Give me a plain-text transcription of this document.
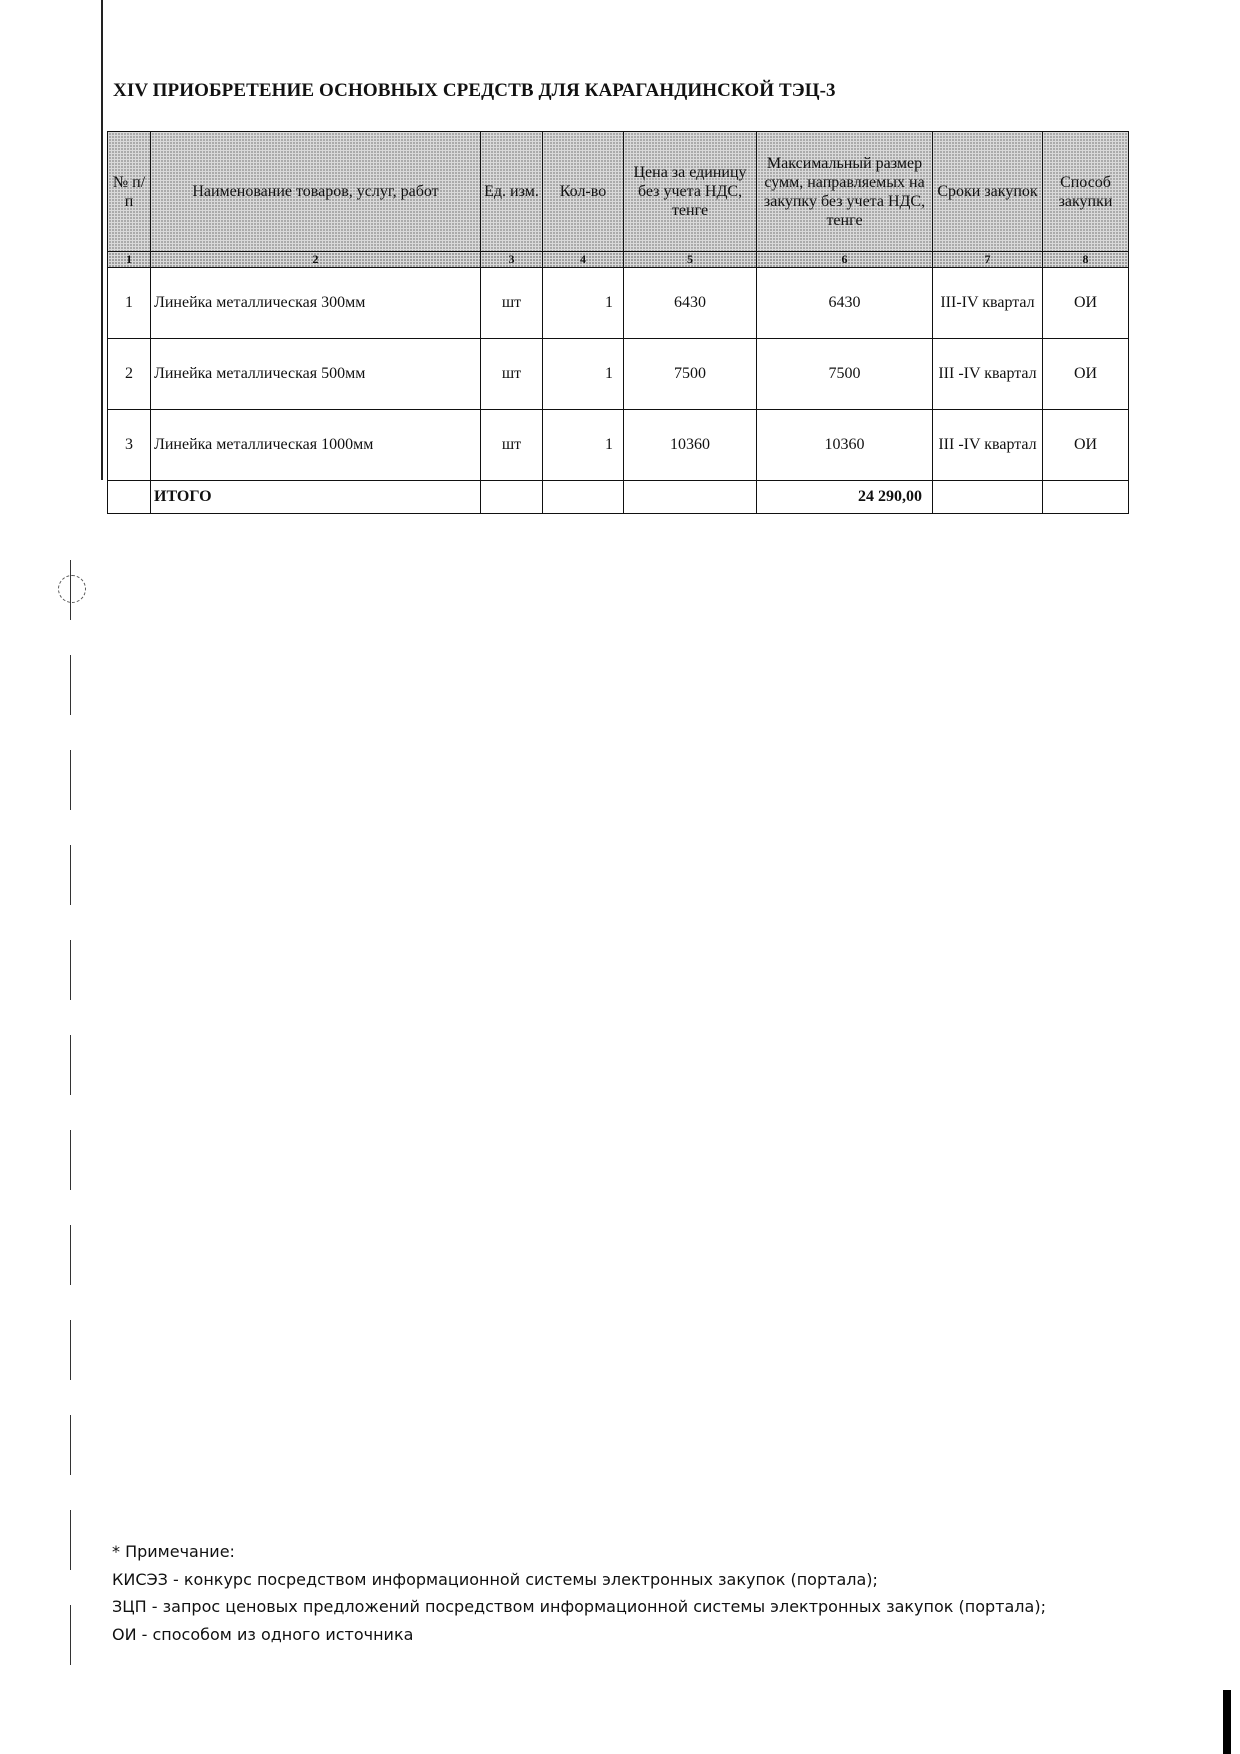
XIV ПРИОБРЕТЕНИЕ ОСНОВНЫХ СРЕДСТВ ДЛЯ КАРАГАНДИНСКОЙ ТЭЦ-3
№ п/п	Наименование товаров, услуг, работ	Ед. изм.	Кол-во	Цена за единицу без учета НДС, тенге	Максимальный размер сумм, направляемых на закупку без учета НДС, тенге	Сроки закупок	Способ закупки
1	2	3	4	5	6	7	8
1	Линейка металлическая 300мм	шт	1	6430	6430	III-IV квартал	ОИ
2	Линейка металлическая 500мм	шт	1	7500	7500	III -IV квартал	ОИ
3	Линейка металлическая 1000мм	шт	1	10360	10360	III -IV квартал	ОИ
	ИТОГО				24 290,00		

* Примечание:

КИСЭЗ - конкурс посредством информационной системы электронных закупок (портала);

ЗЦП - запрос ценовых предложений посредством информационной системы электронных закупок (портала);

ОИ - способом из одного источника
